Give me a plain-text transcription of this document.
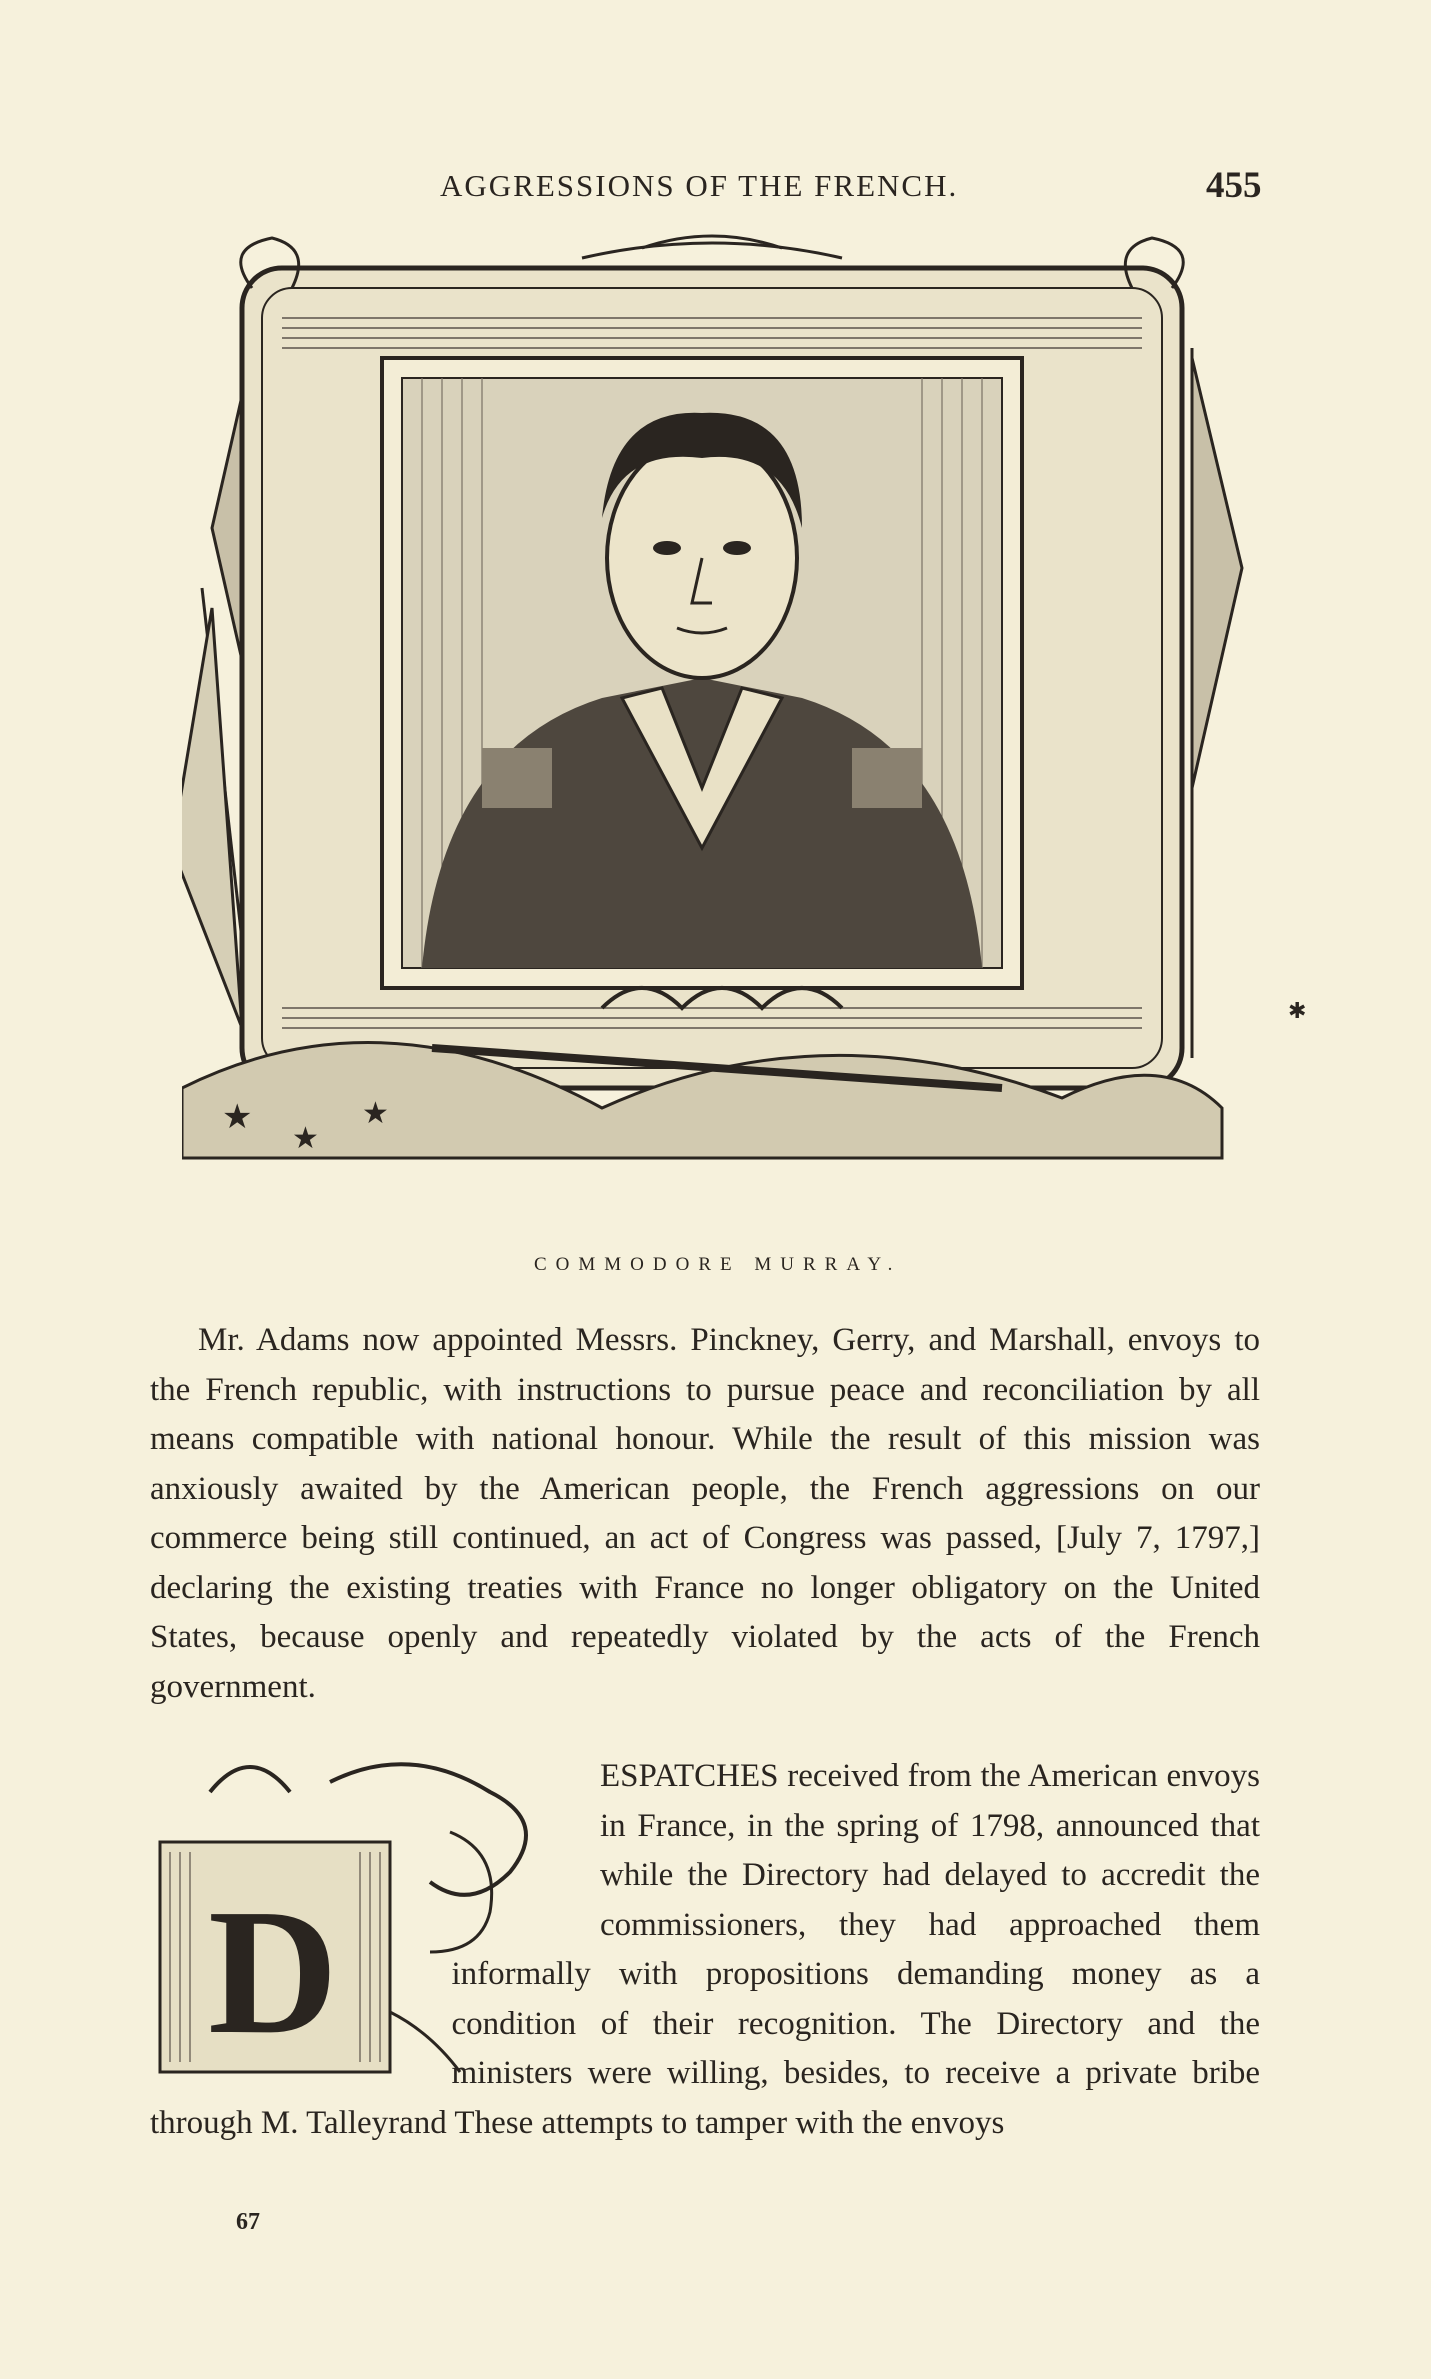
AGGRESSIONS OF THE FRENCH.	455
★
★
★
COMMODORE MURRAY.

Mr. Adams now appointed Messrs. Pinckney, Gerry, and Marshall, envoys to the French republic, with instructions to pursue peace and reconciliation by all means compatible with national honour. While the result of this mission was anxiously awaited by the American people, the French aggressions on our commerce being still continued, an act of Congress was passed, [July 7, 1797,] declaring the existing treaties with France no longer obligatory on the United States, because openly and repeatedly violated by the acts of the French government.

D
ESPATCHES received from the American envoys in France, in the spring of 1798, announced that while the Directory had delayed to accredit the commissioners, they had approached them informally with propositions demanding money as a condition of their recognition. The Directory and the ministers were willing, besides, to receive a private bribe through M. Talleyrand These attempts to tamper with the envoys
67
✱
